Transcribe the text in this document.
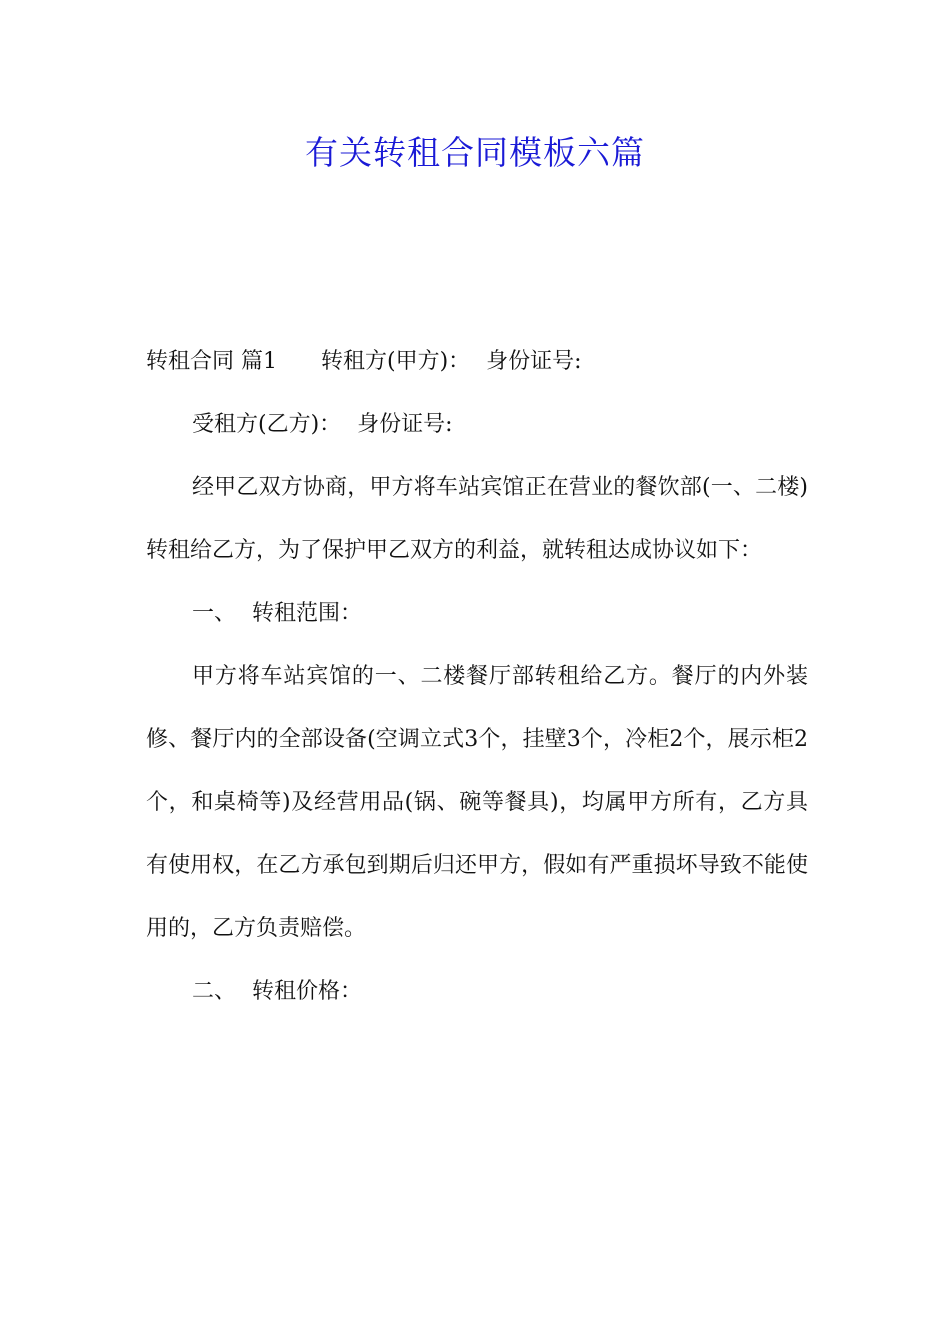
有关转租合同模板六篇

转租合同 篇1 转租方(甲方)： 身份证号:

受租方(乙方)： 身份证号:

经甲乙双方协商，甲方将车站宾馆正在营业的餐饮部(一、二楼)转租给乙方，为了保护甲乙双方的利益，就转租达成协议如下：

一、 转租范围：

甲方将车站宾馆的一、二楼餐厅部转租给乙方。餐厅的内外装修、餐厅内的全部设备(空调立式3个，挂壁3个，冷柜2个，展示柜2个，和桌椅等)及经营用品(锅、碗等餐具)，均属甲方所有，乙方具有使用权，在乙方承包到期后归还甲方，假如有严重损坏导致不能使用的，乙方负责赔偿。

二、 转租价格：
